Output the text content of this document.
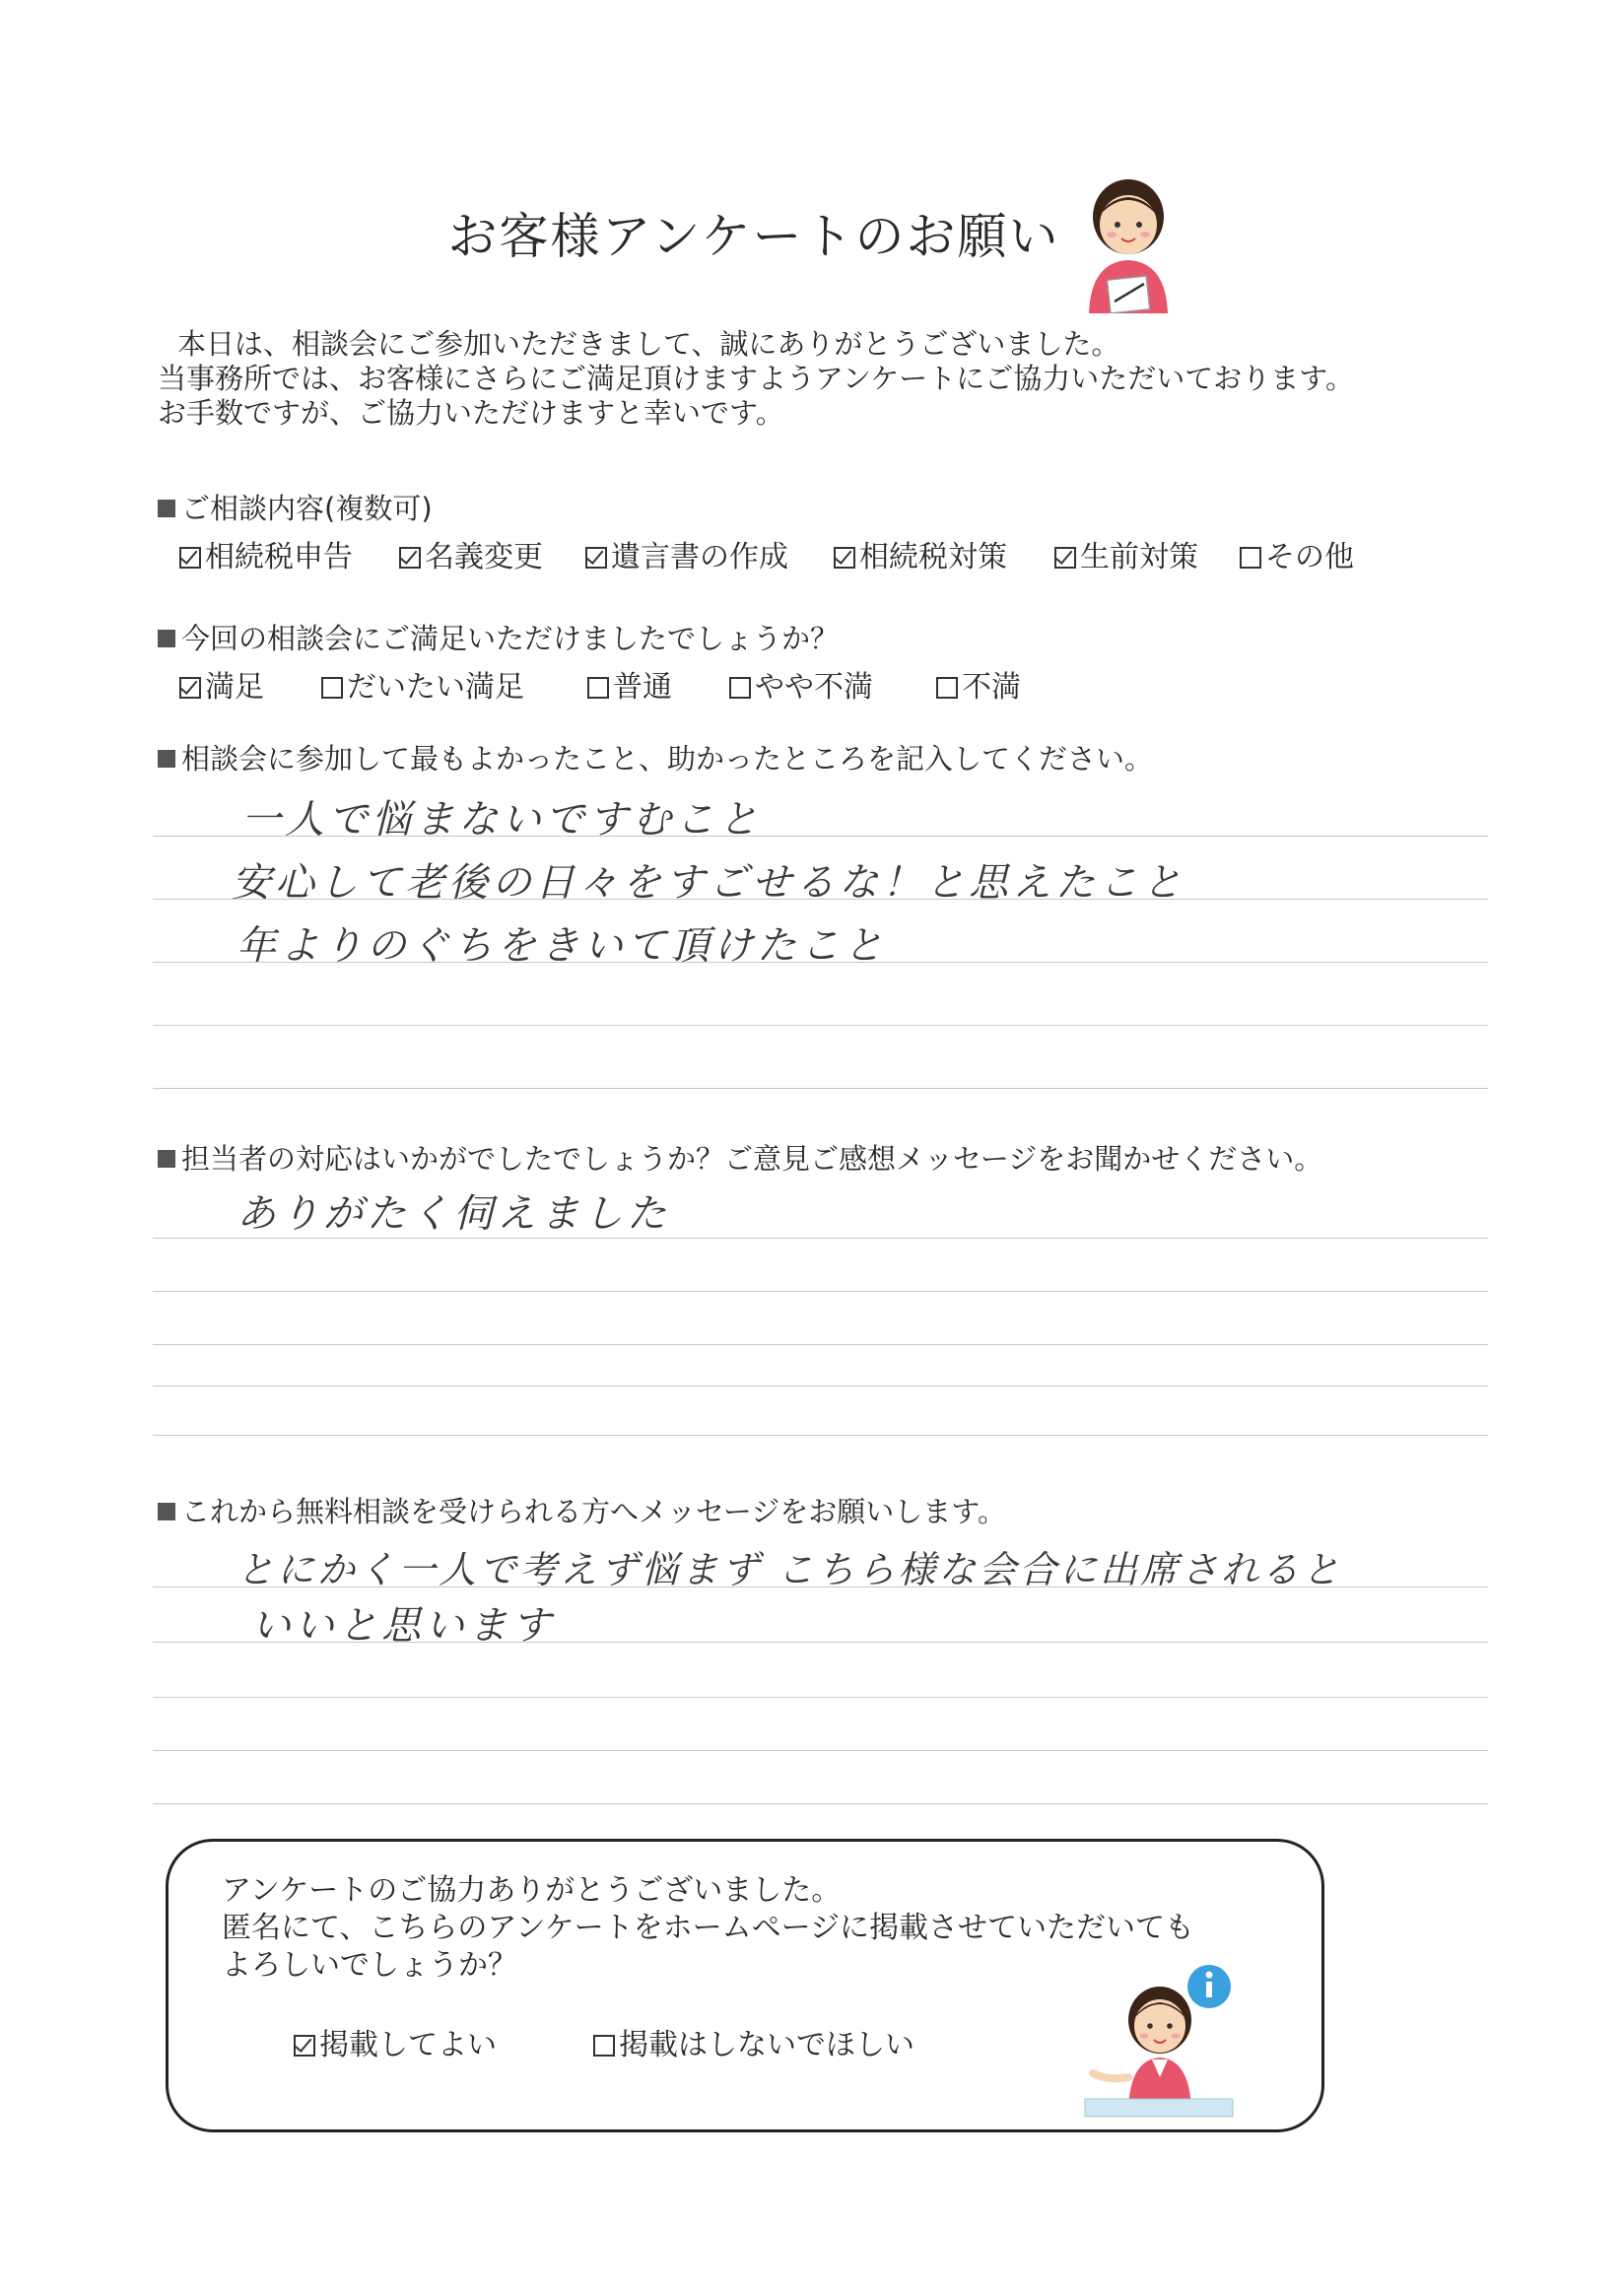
お客様アンケートのお願い
本日は、相談会にご参加いただきまして、誠にありがとうございました。
当事務所では、お客様にさらにご満足頂けますようアンケートにご協力いただいております。
お手数ですが、ご協力いただけますと幸いです。
ご相談内容(複数可)
相続税申告	名義変更	遺言書の作成	相続税対策	生前対策	その他
今回の相談会にご満足いただけましたでしょうか？
満足	だいたい満足	普通	やや不満	不満
相談会に参加して最もよかったこと、助かったところを記入してください。
一人で悩まないですむこと
安心して老後の日々をすごせるな！と思えたこと
年よりのぐちをきいて頂けたこと
担当者の対応はいかがでしたでしょうか？ご意見ご感想メッセージをお聞かせください。
ありがたく伺えました
これから無料相談を受けられる方へメッセージをお願いします。
とにかく一人で考えず悩まず こちら様な会合に出席されると
いいと思います
アンケートのご協力ありがとうございました。
匿名にて、こちらのアンケートをホームページに掲載させていただいても
よろしいでしょうか？
掲載してよい	掲載はしないでほしい
